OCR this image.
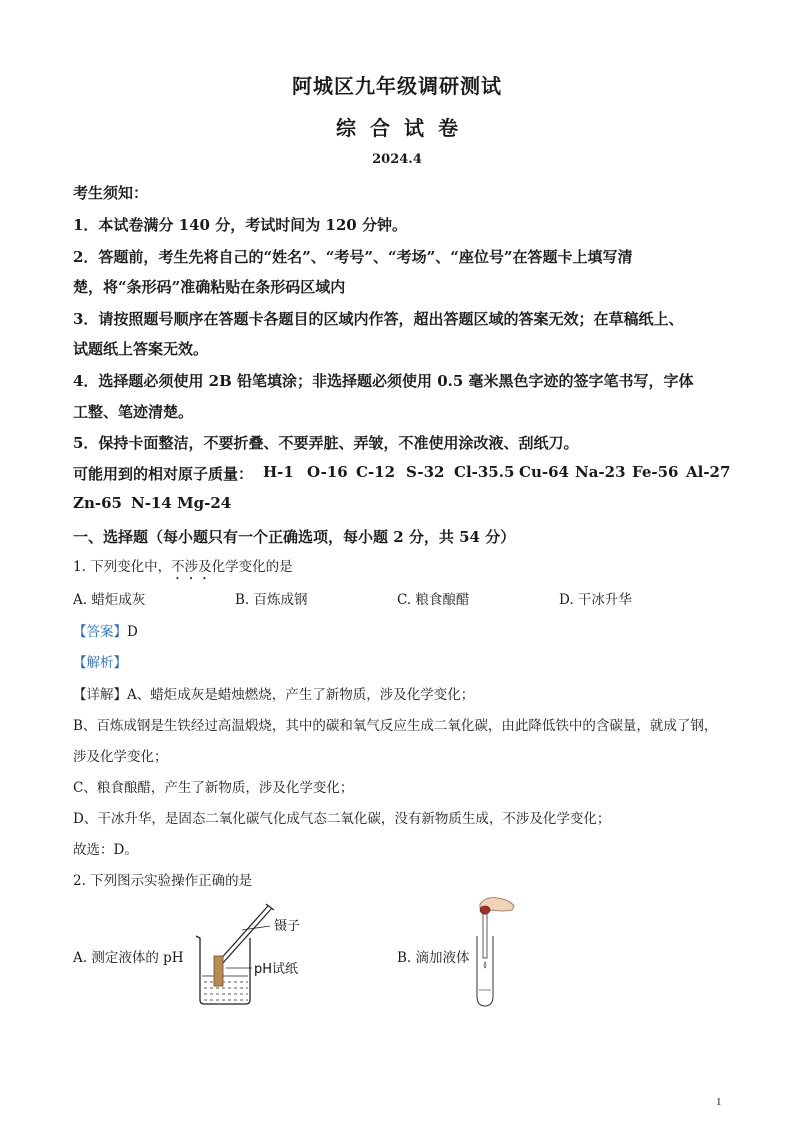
阿城区九年级调研测试
综合试卷
2024.4
考生须知：
1．本试卷满分 140 分，考试时间为 120 分钟。
2．答题前，考生先将自己的“姓名”、“考号”、“考场”、“座位号”在答题卡上填写清
楚，将“条形码”准确粘贴在条形码区域内
3．请按照题号顺序在答题卡各题目的区域内作答，超出答题区域的答案无效；在草稿纸上、
试题纸上答案无效。
4．选择题必须使用 2B 铅笔填涂；非选择题必须使用 0.5 毫米黑色字迹的签字笔书写，字体
工整、笔迹清楚。
5．保持卡面整洁，不要折叠、不要弄脏、弄皱，不准使用涂改液、刮纸刀。
可能用到的相对原子质量： H-1 O-16 C-12 S-32 Cl-35.5 Cu-64 Na-23 Fe-56 Al-27
Zn-65 N-14 Mg-24
一、选择题（每小题只有一个正确选项，每小题 2 分，共 54 分）
1. 下列变化中，不涉及化学变化的是
A. 蜡炬成灰	B. 百炼成钢	C. 粮食酿醋	D. 干冰升华
【答案】D
【解析】
【详解】A、蜡炬成灰是蜡烛燃烧，产生了新物质，涉及化学变化；
B、百炼成钢是生铁经过高温煅烧，其中的碳和氧气反应生成二氧化碳，由此降低铁中的含碳量，就成了钢，
涉及化学变化；
C、粮食酿醋，产生了新物质，涉及化学变化；
D、干冰升华，是固态二氧化碳气化成气态二氧化碳，没有新物质生成，不涉及化学变化；
故选：D。
2. 下列图示实验操作正确的是
A. 测定液体的 pH	B. 滴加液体
镊子
pH试纸
1
